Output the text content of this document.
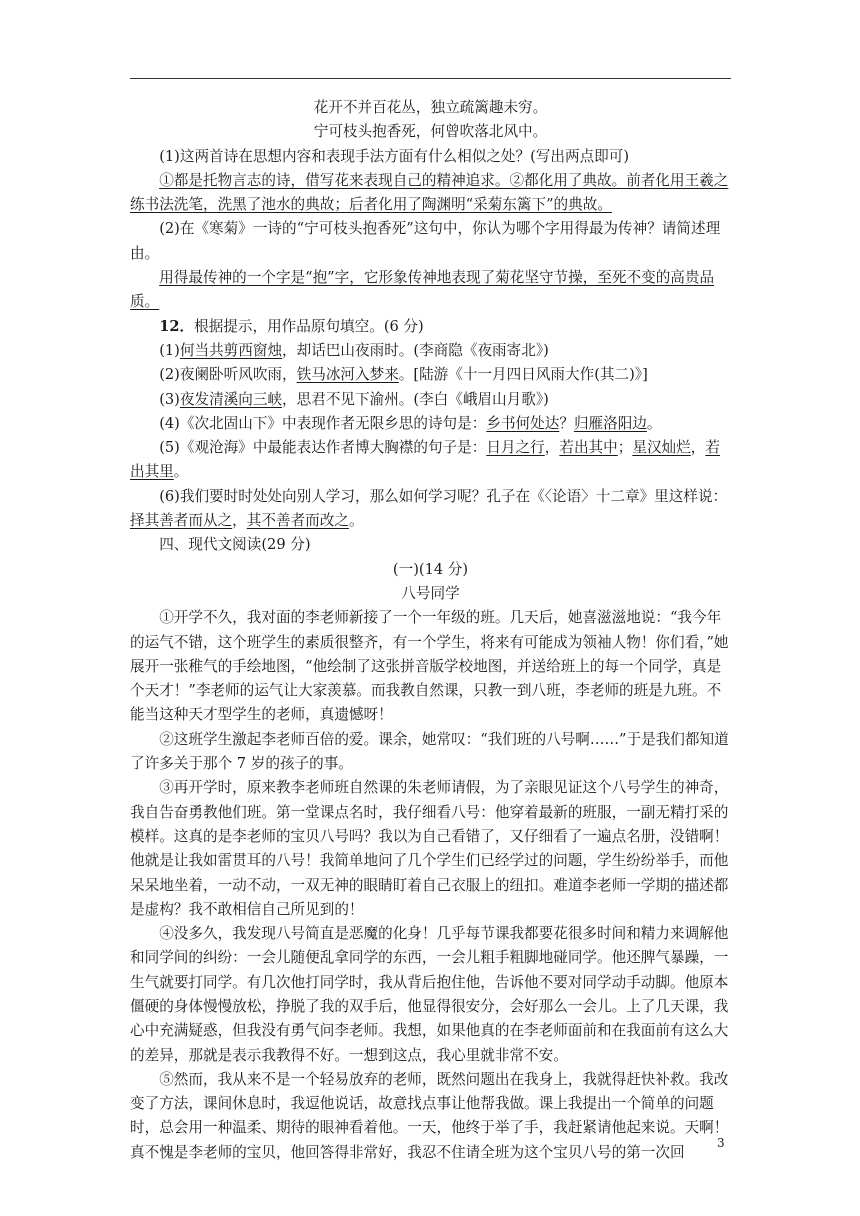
花开不并百花丛，独立疏篱趣未穷。

宁可枝头抱香死，何曾吹落北风中。

(1)这两首诗在思想内容和表现手法方面有什么相似之处？(写出两点即可)

①都是托物言志的诗，借写花来表现自己的精神追求。②都化用了典故。前者化用王羲之练书法洗笔，洗黑了池水的典故；后者化用了陶渊明“采菊东篱下”的典故。

(2)在《寒菊》一诗的“宁可枝头抱香死”这句中，你认为哪个字用得最为传神？请简述理由。

用得最传神的一个字是“抱”字，它形象传神地表现了菊花坚守节操，至死不变的高贵品质。

12．根据提示，用作品原句填空。(6 分)

(1)何当共剪西窗烛，却话巴山夜雨时。(李商隐《夜雨寄北》)

(2)夜阑卧听风吹雨，铁马冰河入梦来。[陆游《十一月四日风雨大作(其二)》]

(3)夜发清溪向三峡，思君不见下渝州。(李白《峨眉山月歌》)

(4)《次北固山下》中表现作者无限乡思的诗句是：乡书何处达？归雁洛阳边。

(5)《观沧海》中最能表达作者博大胸襟的句子是：日月之行，若出其中；星汉灿烂，若出其里。

(6)我们要时时处处向别人学习，那么如何学习呢？孔子在《〈论语〉十二章》里这样说：择其善者而从之，其不善者而改之。

四、现代文阅读(29 分)

(一)(14 分)

八号同学

①开学不久，我对面的李老师新接了一个一年级的班。几天后，她喜滋滋地说：“我今年的运气不错，这个班学生的素质很整齐，有一个学生，将来有可能成为领袖人物！你们看，”她展开一张稚气的手绘地图，“他绘制了这张拼音版学校地图，并送给班上的每一个同学，真是个天才！”李老师的运气让大家羡慕。而我教自然课，只教一到八班，李老师的班是九班。不能当这种天才型学生的老师，真遗憾呀！

②这班学生激起李老师百倍的爱。课余，她常叹：“我们班的八号啊……”于是我们都知道了许多关于那个 7 岁的孩子的事。

③再开学时，原来教李老师班自然课的朱老师请假，为了亲眼见证这个八号学生的神奇，我自告奋勇教他们班。第一堂课点名时，我仔细看八号：他穿着最新的班服，一副无精打采的模样。这真的是李老师的宝贝八号吗？我以为自己看错了，又仔细看了一遍点名册，没错啊！他就是让我如雷贯耳的八号！我简单地问了几个学生们已经学过的问题，学生纷纷举手，而他呆呆地坐着，一动不动，一双无神的眼睛盯着自己衣服上的纽扣。难道李老师一学期的描述都是虚构？我不敢相信自己所见到的！

④没多久，我发现八号简直是恶魔的化身！几乎每节课我都要花很多时间和精力来调解他和同学间的纠纷：一会儿随便乱拿同学的东西，一会儿粗手粗脚地碰同学。他还脾气暴躁，一生气就要打同学。有几次他打同学时，我从背后抱住他，告诉他不要对同学动手动脚。他原本僵硬的身体慢慢放松，挣脱了我的双手后，他显得很安分，会好那么一会儿。上了几天课，我心中充满疑惑，但我没有勇气问李老师。我想，如果他真的在李老师面前和在我面前有这么大的差异，那就是表示我教得不好。一想到这点，我心里就非常不安。

⑤然而，我从来不是一个轻易放弃的老师，既然问题出在我身上，我就得赶快补救。我改变了方法，课间休息时，我逗他说话，故意找点事让他帮我做。课上我提出一个简单的问题时，总会用一种温柔、期待的眼神看着他。一天，他终于举了手，我赶紧请他起来说。天啊！真不愧是李老师的宝贝，他回答得非常好，我忍不住请全班为这个宝贝八号的第一次回

3
